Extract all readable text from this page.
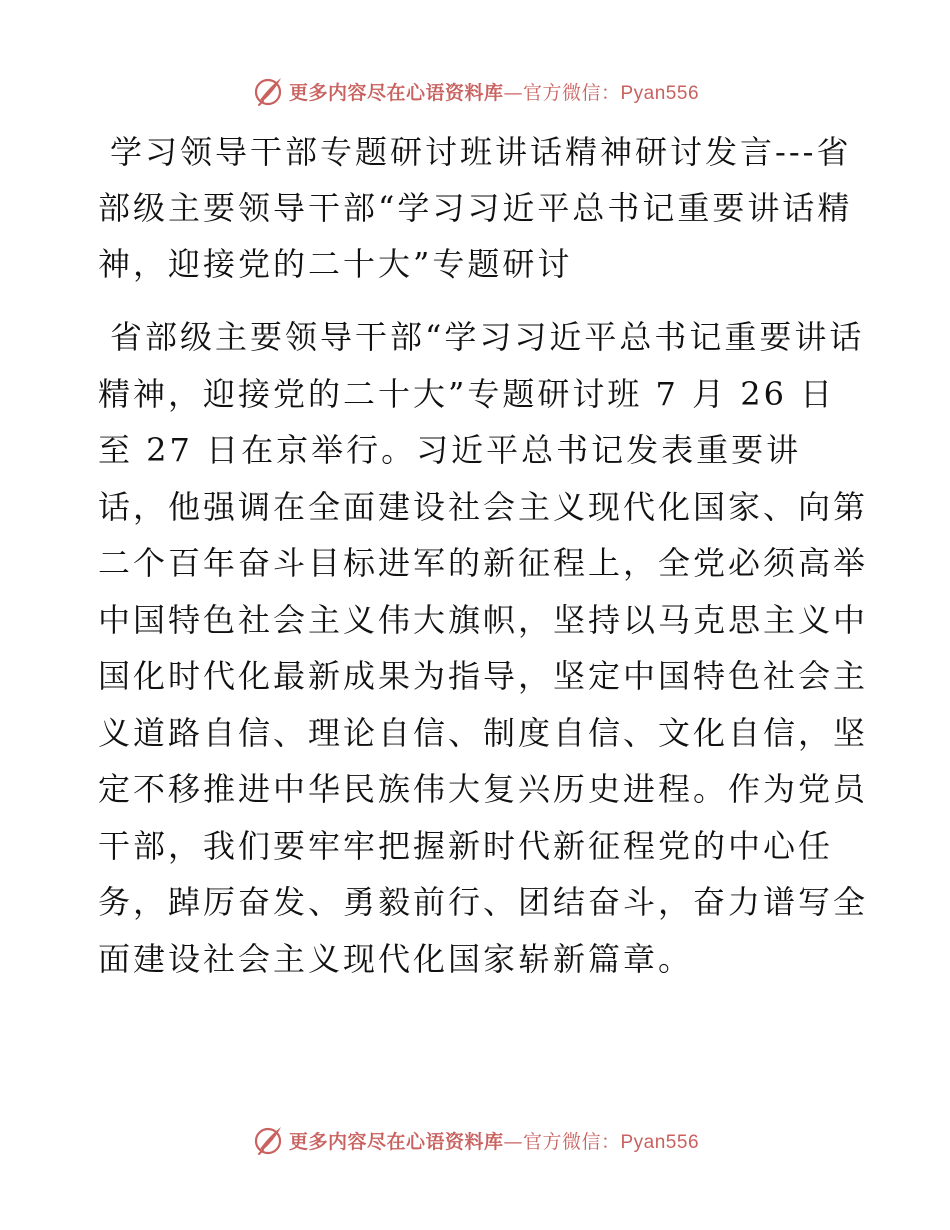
更多内容尽在心语资料库—官方微信：Pyan556
学习领导干部专题研讨班讲话精神研讨发言---省部级主要领导干部“学习习近平总书记重要讲话精神，迎接党的二十大”专题研讨

省部级主要领导干部“学习习近平总书记重要讲话精神，迎接党的二十大”专题研讨班 7 月 26 日至 27 日在京举行。习近平总书记发表重要讲话，他强调在全面建设社会主义现代化国家、向第二个百年奋斗目标进军的新征程上，全党必须高举中国特色社会主义伟大旗帜，坚持以马克思主义中国化时代化最新成果为指导，坚定中国特色社会主义道路自信、理论自信、制度自信、文化自信，坚定不移推进中华民族伟大复兴历史进程。作为党员干部，我们要牢牢把握新时代新征程党的中心任务，踔厉奋发、勇毅前行、团结奋斗，奋力谱写全面建设社会主义现代化国家崭新篇章。

更多内容尽在心语资料库—官方微信：Pyan556
